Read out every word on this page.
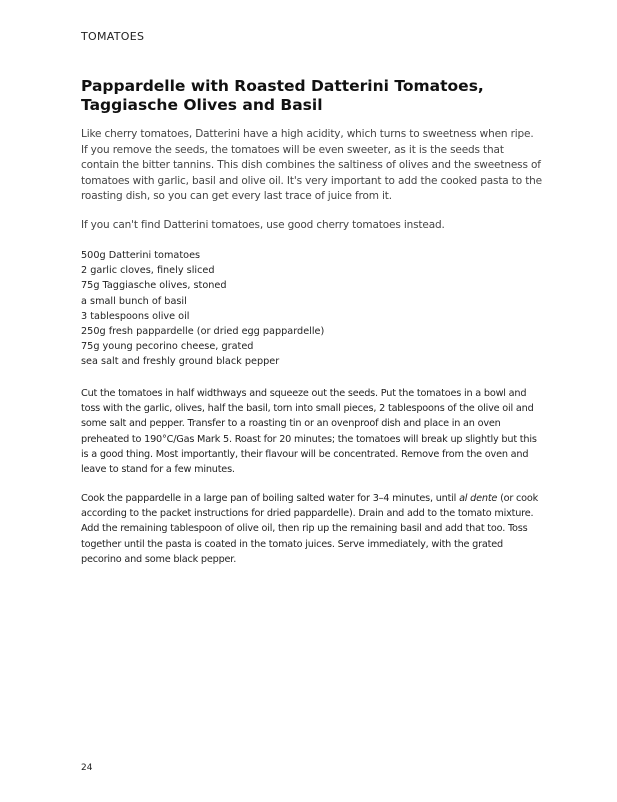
TOMATOES
Pappardelle with Roasted Datterini Tomatoes, Taggiasche Olives and Basil

Like cherry tomatoes, Datterini have a high acidity, which turns to sweetness when ripe. If you remove the seeds, the tomatoes will be even sweeter, as it is the seeds that contain the bitter tannins. This dish combines the saltiness of olives and the sweetness of tomatoes with garlic, basil and olive oil. It's very important to add the cooked pasta to the roasting dish, so you can get every last trace of juice from it.

If you can't find Datterini tomatoes, use good cherry tomatoes instead.

500g Datterini tomatoes
2 garlic cloves, finely sliced
75g Taggiasche olives, stoned
a small bunch of basil
3 tablespoons olive oil
250g fresh pappardelle (or dried egg pappardelle)
75g young pecorino cheese, grated
sea salt and freshly ground black pepper

Cut the tomatoes in half widthways and squeeze out the seeds. Put the tomatoes in a bowl and toss with the garlic, olives, half the basil, torn into small pieces, 2 tablespoons of the olive oil and some salt and pepper. Transfer to a roasting tin or an ovenproof dish and place in an oven preheated to 190°C/Gas Mark 5. Roast for 20 minutes; the tomatoes will break up slightly but this is a good thing. Most importantly, their flavour will be concentrated. Remove from the oven and leave to stand for a few minutes.

Cook the pappardelle in a large pan of boiling salted water for 3–4 minutes, until al dente (or cook according to the packet instructions for dried pappardelle). Drain and add to the tomato mixture. Add the remaining tablespoon of olive oil, then rip up the remaining basil and add that too. Toss together until the pasta is coated in the tomato juices. Serve immediately, with the grated pecorino and some black pepper.

24
